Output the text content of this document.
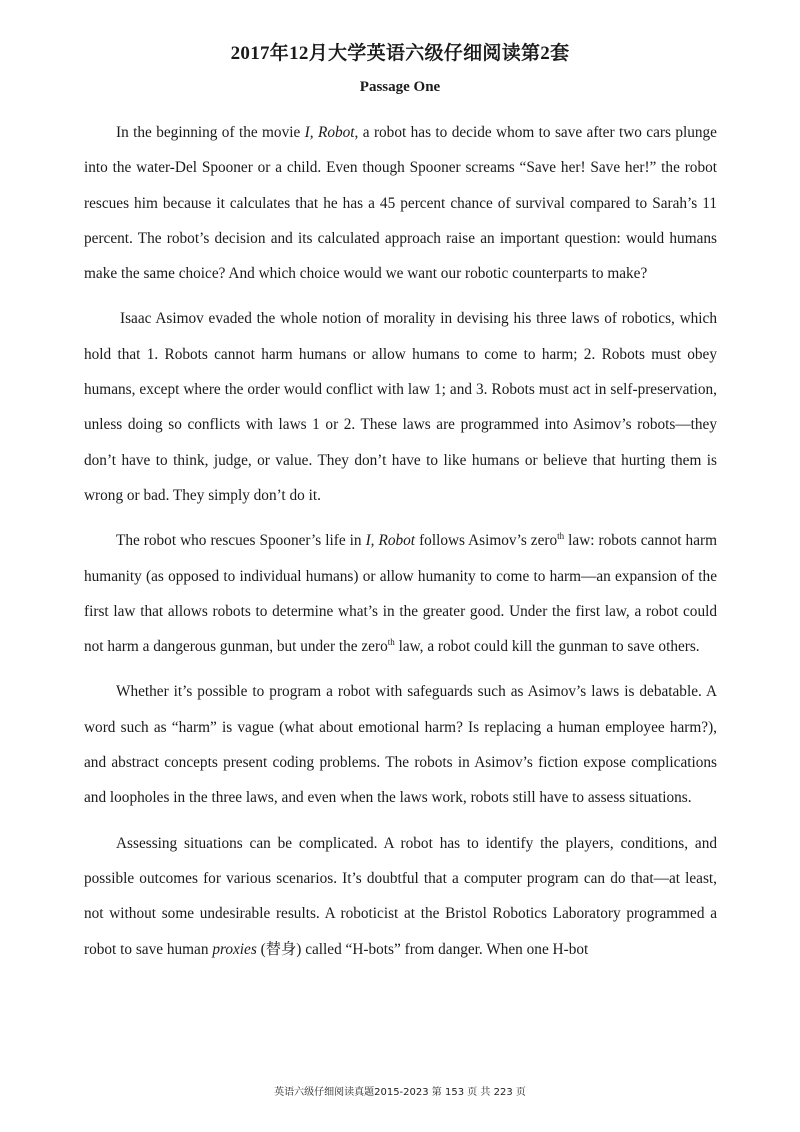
2017年12月大学英语六级仔细阅读第2套
Passage One

In the beginning of the movie I, Robot, a robot has to decide whom to save after two cars plunge into the water-Del Spooner or a child. Even though Spooner screams “Save her! Save her!” the robot rescues him because it calculates that he has a 45 percent chance of survival compared to Sarah’s 11 percent. The robot’s decision and its calculated approach raise an important question: would humans make the same choice? And which choice would we want our robotic counterparts to make?

Isaac Asimov evaded the whole notion of morality in devising his three laws of robotics, which hold that 1. Robots cannot harm humans or allow humans to come to harm; 2. Robots must obey humans, except where the order would conflict with law 1; and 3. Robots must act in self-preservation, unless doing so conflicts with laws 1 or 2. These laws are programmed into Asimov’s robots—they don’t have to think, judge, or value. They don’t have to like humans or believe that hurting them is wrong or bad. They simply don’t do it.

The robot who rescues Spooner’s life in I, Robot follows Asimov’s zero$^{th}$ law: robots cannot harm humanity (as opposed to individual humans) or allow humanity to come to harm—an expansion of the first law that allows robots to determine what’s in the greater good. Under the first law, a robot could not harm a dangerous gunman, but under the zero$^{th}$ law, a robot could kill the gunman to save others.

Whether it’s possible to program a robot with safeguards such as Asimov’s laws is debatable. A word such as “harm” is vague (what about emotional harm? Is replacing a human employee harm?), and abstract concepts present coding problems. The robots in Asimov’s fiction expose complications and loopholes in the three laws, and even when the laws work, robots still have to assess situations.

Assessing situations can be complicated. A robot has to identify the players, conditions, and possible outcomes for various scenarios. It’s doubtful that a computer program can do that—at least, not without some undesirable results. A roboticist at the Bristol Robotics Laboratory programmed a robot to save human proxies (替身) called “H-bots” from danger. When one H-bot

英语六级仔细阅读真题2015-2023 第 153 页 共 223 页
